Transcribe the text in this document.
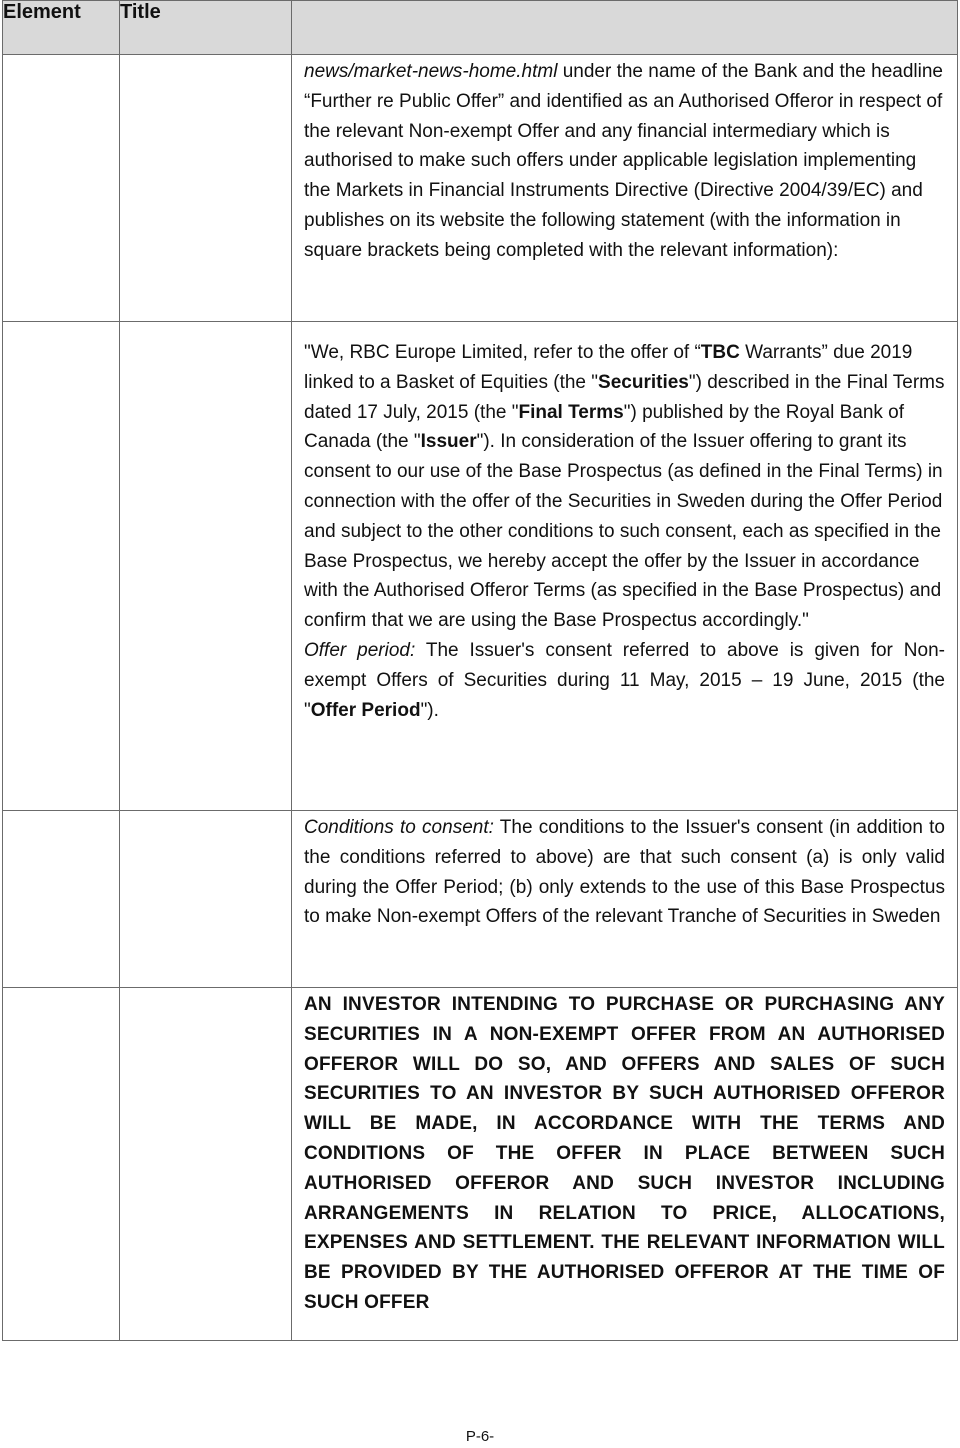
Element	Title	

		news/market-news-home.html under the name of the Bank and the headline “Further re Public Offer” and identified as an Authorised Offeror in respect of the relevant Non-exempt Offer and any financial intermediary which is authorised to make such offers under applicable legislation implementing the Markets in Financial Instruments Directive (Directive 2004/39/EC) and publishes on its website the following statement (with the information in square brackets being completed with the relevant information):

		"We, RBC Europe Limited, refer to the offer of “TBC Warrants” due 2019 linked to a Basket of Equities (the "Securities") described in the Final Terms dated 17 July, 2015 (the "Final Terms") published by the Royal Bank of Canada (the "Issuer"). In consideration of the Issuer offering to grant its consent to our use of the Base Prospectus (as defined in the Final Terms) in connection with the offer of the Securities in Sweden during the Offer Period and subject to the other conditions to such consent, each as specified in the Base Prospectus, we hereby accept the offer by the Issuer in accordance with the Authorised Offeror Terms (as specified in the Base Prospectus) and confirm that we are using the Base Prospectus accordingly."
Offer period: The Issuer's consent referred to above is given for Non-exempt Offers of Securities during 11 May, 2015 – 19 June, 2015 (the "Offer Period").

		Conditions to consent: The conditions to the Issuer's consent (in addition to the conditions referred to above) are that such consent (a) is only valid during the Offer Period; (b) only extends to the use of this Base Prospectus to make Non-exempt Offers of the relevant Tranche of Securities in Sweden

		AN INVESTOR INTENDING TO PURCHASE OR PURCHASING ANY SECURITIES IN A NON-EXEMPT OFFER FROM AN AUTHORISED OFFEROR WILL DO SO, AND OFFERS AND SALES OF SUCH SECURITIES TO AN INVESTOR BY SUCH AUTHORISED OFFEROR WILL BE MADE, IN ACCORDANCE WITH THE TERMS AND CONDITIONS OF THE OFFER IN PLACE BETWEEN SUCH AUTHORISED OFFEROR AND SUCH INVESTOR INCLUDING ARRANGEMENTS IN RELATION TO PRICE, ALLOCATIONS, EXPENSES AND SETTLEMENT. THE RELEVANT INFORMATION WILL BE PROVIDED BY THE AUTHORISED OFFEROR AT THE TIME OF SUCH OFFER
P-6-
